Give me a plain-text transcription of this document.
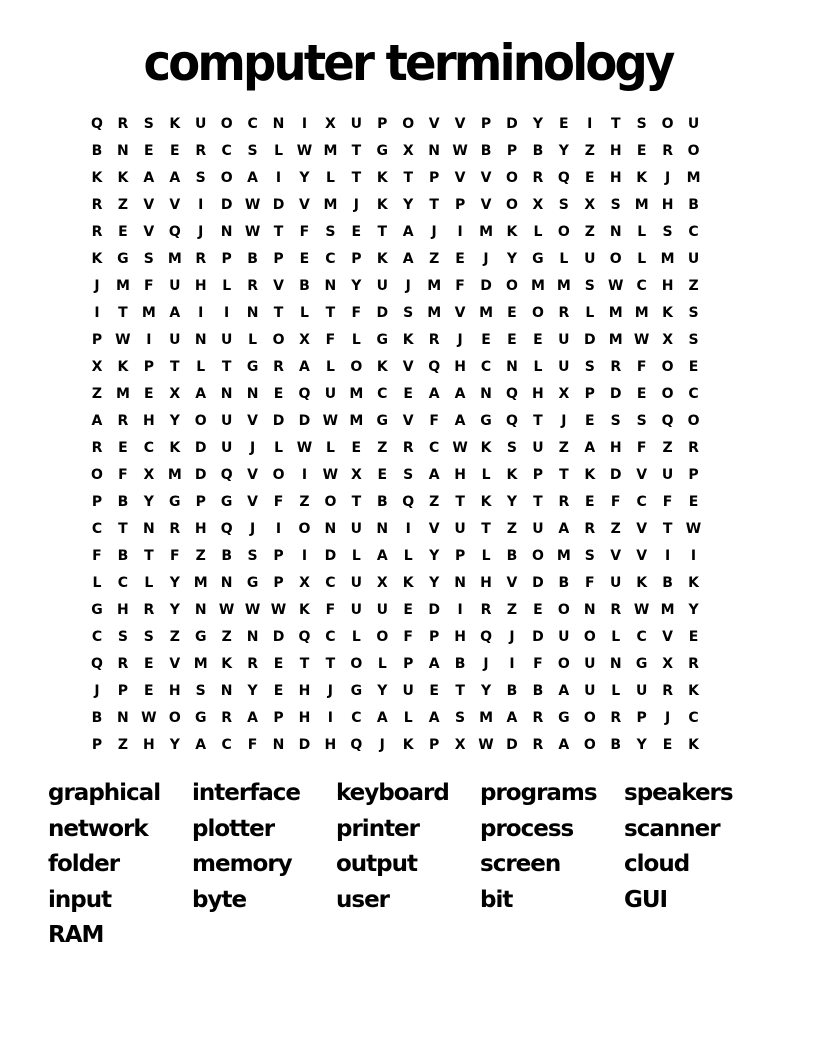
computer terminology
Q	R	S	K	U	O	C	N	I	X	U	P	O	V	V	P	D	Y	E	I	T	S	O	U
B	N	E	E	R	C	S	L W M	T	G	X	N W B	P	B	Y	Z	H	E	R	O
K	K	A	A	S	O	A	I	Y	L	T	K	T	P	V	V	O	R	Q	E	H	K	J	M
R	Z	V	V	I	D W D	V M	J	K	Y	T	P	V	O	X	S	X	S M H	B
R	E	V	Q	J	N W T	F	S	E	T	A	J	I	M K	L	O	Z	N	L	S	C
K	G	S M R	P	B	P	E	C	P	K	A	Z	E	J	Y	G	L	U	O	L	M U
J	M	F	U	H	L	R	V	B	N	Y	U	J	M	F	D	O M M S W C	H	Z
I	T	M A	I	I	N	T	L	T	F	D	S M V M	E	O	R	L	M M K	S
P W	I	U	N	U	L	O	X	F	L	G	K	R	J	E	E	E	U	D M W X	S
X	K	P	T	L	T	G	R	A	L	O	K	V	Q	H	C	N	L	U	S	R	F	O	E
Z M	E	X	A	N	N	E	Q	U M C	E	A	A	N	Q	H	X	P	D	E	O	C
A	R	H	Y	O	U	V	D	D W M G	V	F	A	G	Q	T	J	E	S	S	Q	O
R	E	C	K	D	U	J	L W L	E	Z	R	C W K	S	U	Z	A	H	F	Z	R
O	F	X M D	Q	V	O	I	W X	E	S	A	H	L	K	P	T	K	D	V	U	P
P	B	Y	G	P	G	V	F	Z	O	T	B	Q	Z	T	K	Y	T	R	E	F	C	F	E
C	T	N	R	H	Q	J	I	O	N	U	N	I	V	U	T	Z	U	A	R	Z	V	T W
F	B	T	F	Z	B	S	P	I	D	L	A	L	Y	P	L	B	O M S	V	V	I	I
L	C	L	Y M N	G	P	X	C	U	X	K	Y	N	H	V	D	B	F	U	K	B	K
G	H	R	Y	N W W W K	F	U	U	E	D	I	R	Z	E	O	N	R W M Y
C	S	S	Z	G	Z	N	D	Q	C	L	O	F	P	H	Q	J	D	U	O	L	C	V	E
Q	R	E	V M K	R	E	T	T	O	L	P	A	B	J	I	F	O	U	N	G	X	R
J	P	E	H	S	N	Y	E	H	J	G	Y	U	E	T	Y	B	B	A	U	L	U	R	K
B	N W O	G	R	A	P	H	I	C	A	L	A	S M A	R	G	O	R	P	J	C
P	Z	H	Y	A	C	F	N	D	H	Q	J	K	P	X W D	R	A	O	B	Y	E	K
graphical	interface	keyboard	programs	speakers
network	plotter	printer	process	scanner
folder	memory	output	screen	cloud
input	byte	user	bit	GUI
RAM
